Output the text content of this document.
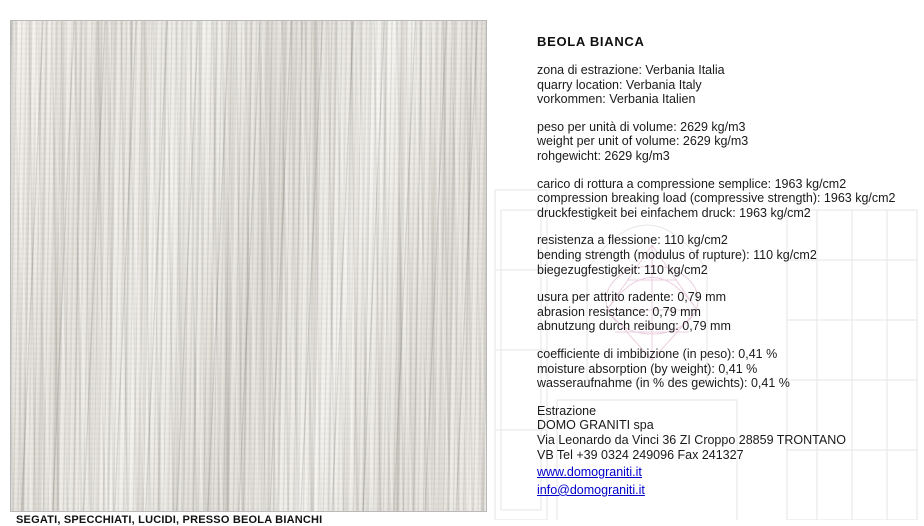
SEGATI, SPECCHIATI, LUCIDI, PRESSO BEOLA BIANCHI
BEOLA BIANCA
zona di estrazione: Verbania Italia
quarry location: Verbania Italy
vorkommen: Verbania Italien
peso per unità di volume: 2629 kg/m3
weight per unit of volume: 2629 kg/m3
rohgewicht: 2629 kg/m3
carico di rottura a compressione semplice: 1963 kg/cm2
compression breaking load (compressive strength): 1963 kg/cm2
druckfestigkeit bei einfachem druck: 1963 kg/cm2
resistenza a flessione: 110 kg/cm2
bending strength (modulus of rupture): 110 kg/cm2
biegezugfestigkeit: 110 kg/cm2
usura per attrito radente: 0,79 mm
abrasion resistance: 0,79 mm
abnutzung durch reibung: 0,79 mm
coefficiente di imbibizione (in peso): 0,41 %
moisture absorption (by weight): 0,41 %
wasseraufnahme (in % des gewichts): 0,41 %
Estrazione
DOMO GRANITI spa
Via Leonardo da Vinci 36 ZI Croppo 28859 TRONTANO
VB Tel +39 0324 249096 Fax 241327
www.domograniti.it
info@domograniti.it
